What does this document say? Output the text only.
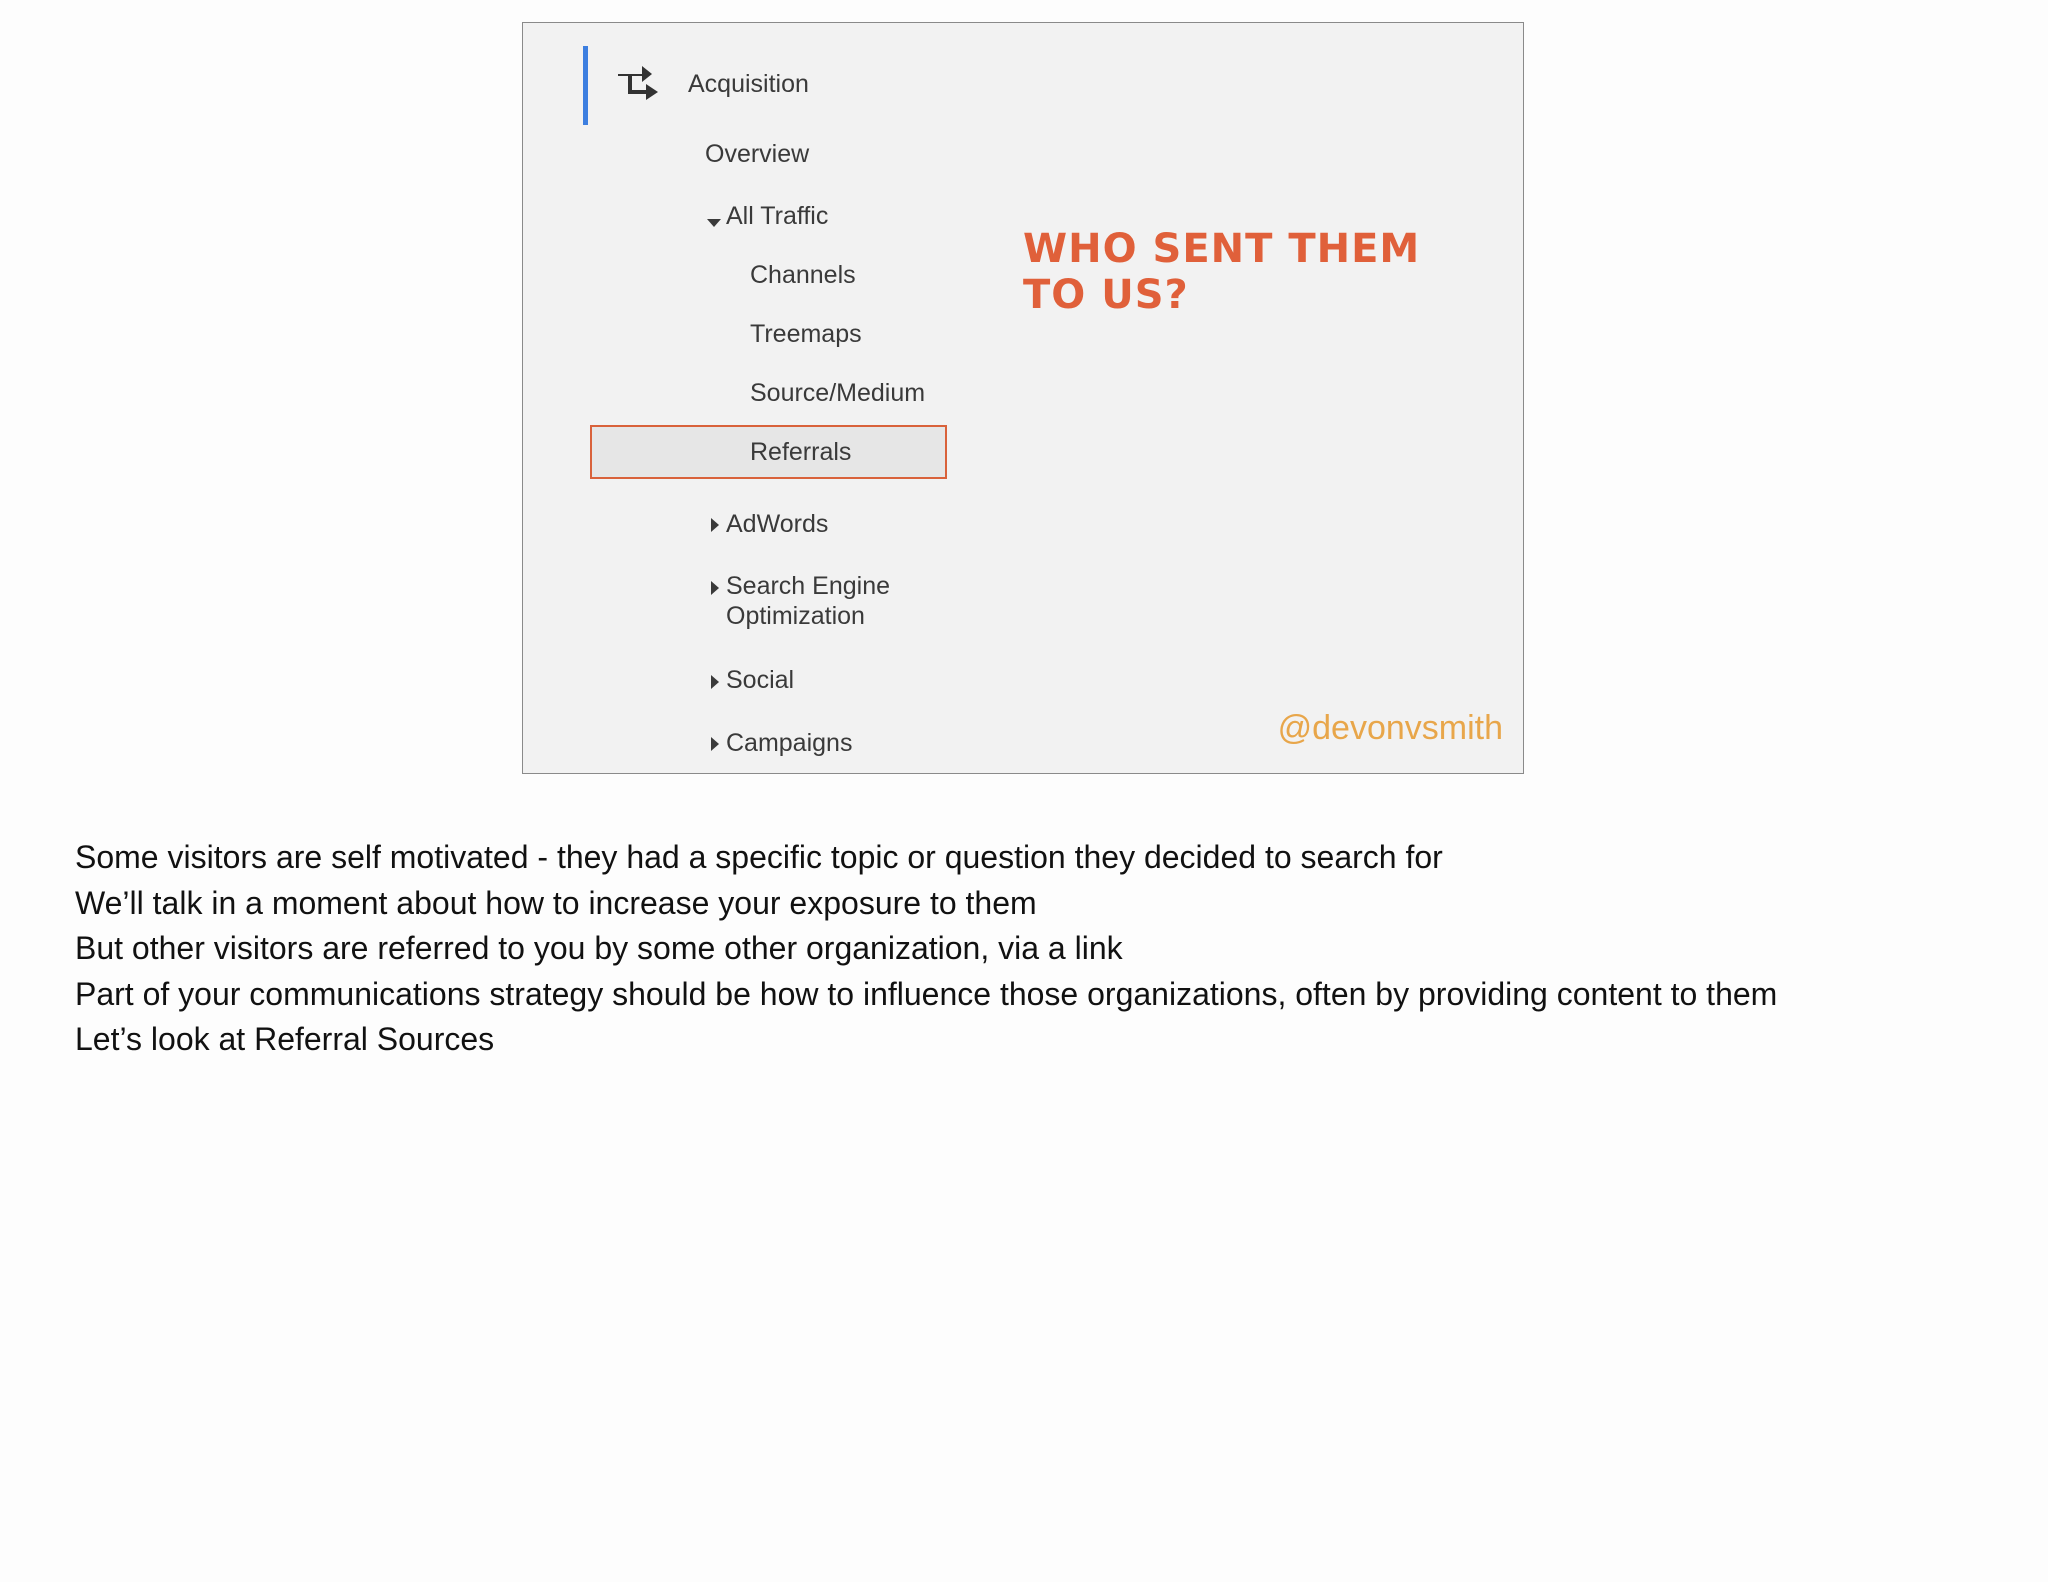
Acquisition
Overview
All Traffic
Channels
Treemaps
Source/Medium
Referrals
AdWords
Search Engine
Optimization
Social
Campaigns
WHO SENT THEM
TO US?
@devonvsmith
Some visitors are self motivated - they had a specific topic or question they decided to search for
We’ll talk in a moment about how to increase your exposure to them
But other visitors are referred to you by some other organization, via a link
Part of your communications strategy should be how to influence those organizations, often by providing content to them
Let’s look at Referral Sources
